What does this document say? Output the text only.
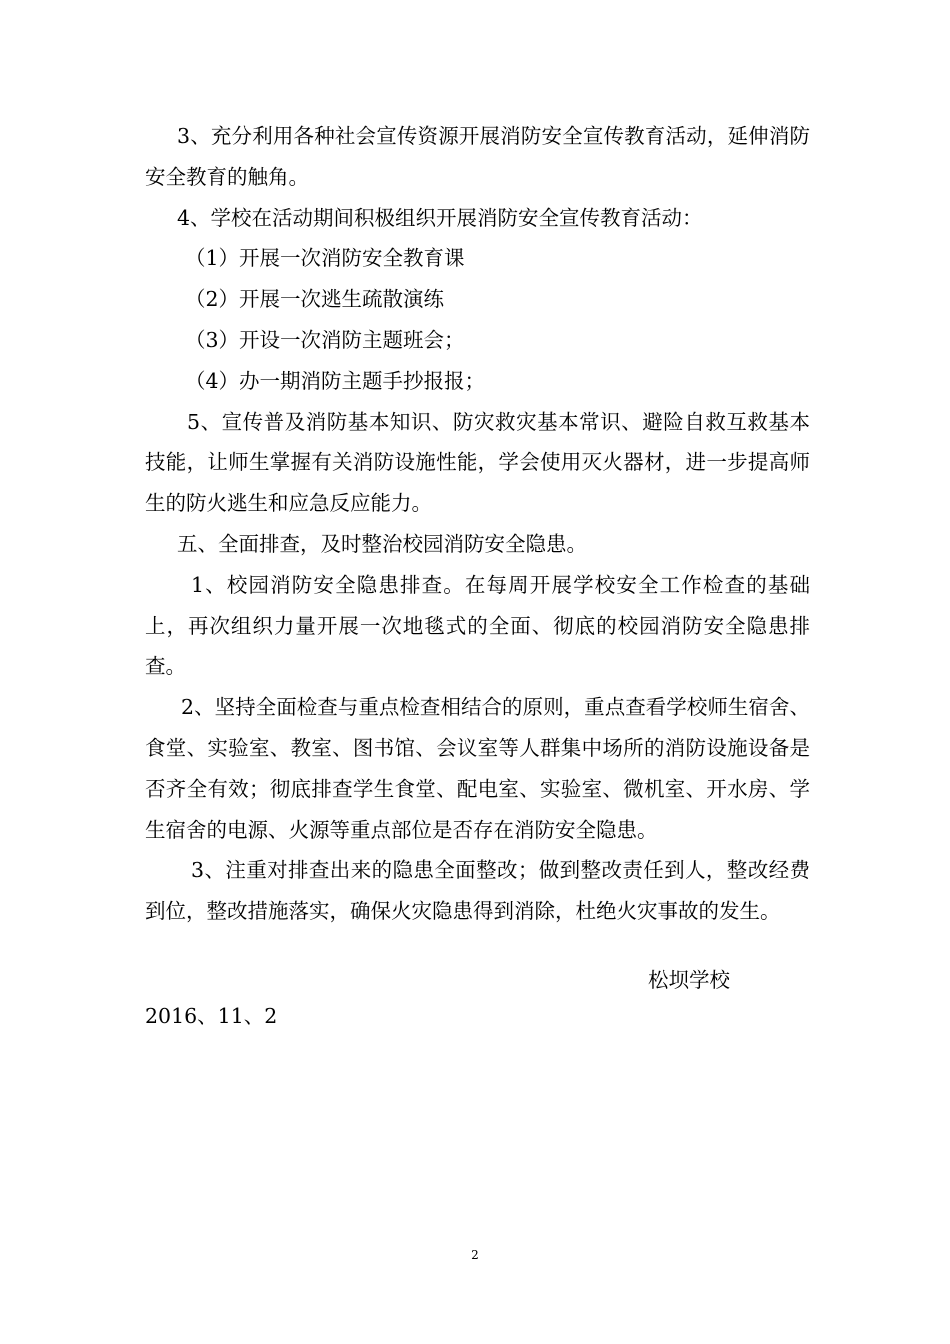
3、充分利用各种社会宣传资源开展消防安全宣传教育活动，延伸消防安全教育的触角。

4、学校在活动期间积极组织开展消防安全宣传教育活动：

（1）开展一次消防安全教育课

（2）开展一次逃生疏散演练

（3）开设一次消防主题班会；

（4）办一期消防主题手抄报报；

5、宣传普及消防基本知识、防灾救灾基本常识、避险自救互救基本技能，让师生掌握有关消防设施性能，学会使用灭火器材，进一步提高师生的防火逃生和应急反应能力。

五、全面排查，及时整治校园消防安全隐患。

1、校园消防安全隐患排查。在每周开展学校安全工作检查的基础上，再次组织力量开展一次地毯式的全面、彻底的校园消防安全隐患排查。

2、坚持全面检查与重点检查相结合的原则，重点查看学校师生宿舍、食堂、实验室、教室、图书馆、会议室等人群集中场所的消防设施设备是否齐全有效；彻底排查学生食堂、配电室、实验室、微机室、开水房、学生宿舍的电源、火源等重点部位是否存在消防安全隐患。

3、注重对排查出来的隐患全面整改；做到整改责任到人，整改经费到位，整改措施落实，确保火灾隐患得到消除，杜绝火灾事故的发生。

松坝学校
2016、11、2
2
